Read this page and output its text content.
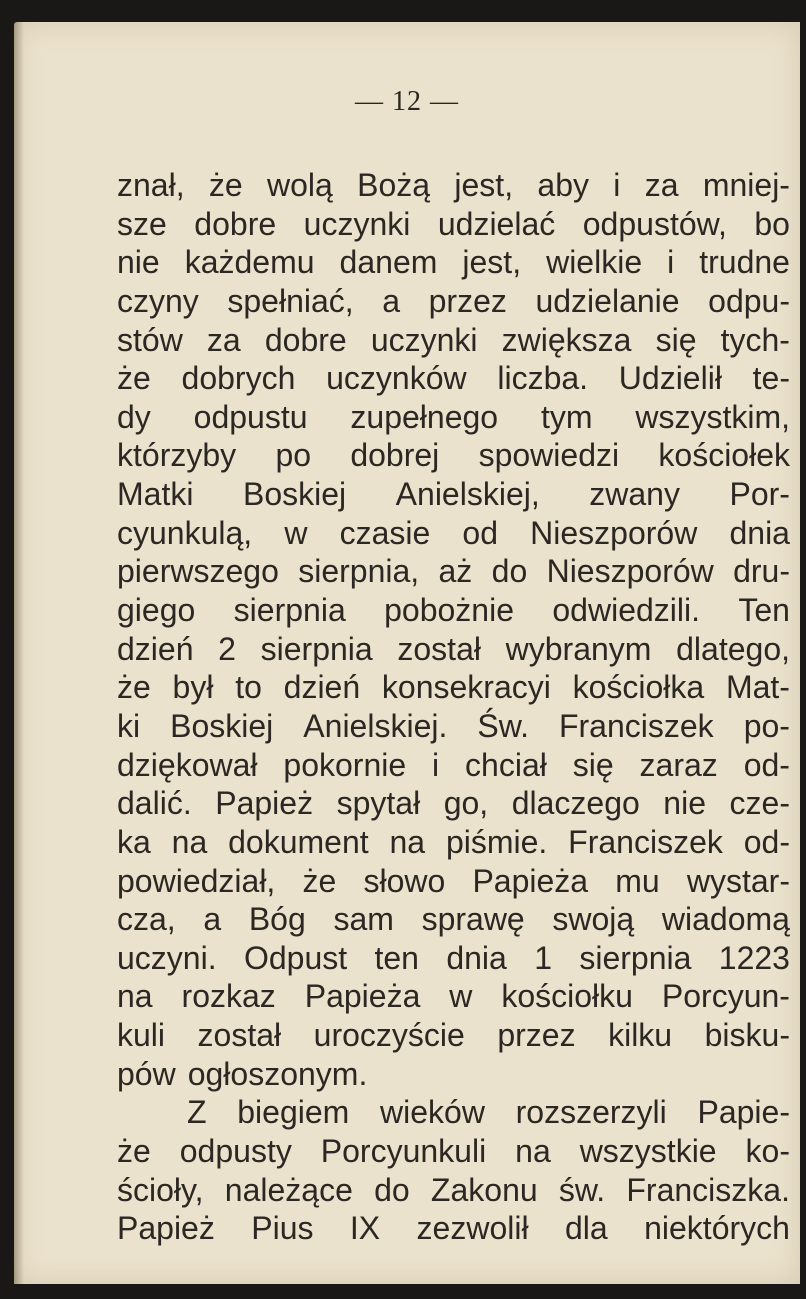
— 12 —
znał, że wolą Bożą jest, aby i za mniej-
sze dobre uczynki udzielać odpustów, bo
nie każdemu danem jest, wielkie i trudne
czyny spełniać, a przez udzielanie odpu-
stów za dobre uczynki zwiększa się tych-
że dobrych uczynków liczba. Udzielił te-
dy odpustu zupełnego tym wszystkim,
którzyby po dobrej spowiedzi kościołek
Matki Boskiej Anielskiej, zwany Por-
cyunkulą, w czasie od Nieszporów dnia
pierwszego sierpnia, aż do Nieszporów dru-
giego sierpnia pobożnie odwiedzili. Ten
dzień 2 sierpnia został wybranym dlatego,
że był to dzień konsekracyi kościołka Mat-
ki Boskiej Anielskiej. Św. Franciszek po-
dziękował pokornie i chciał się zaraz od-
dalić. Papież spytał go, dlaczego nie cze-
ka na dokument na piśmie. Franciszek od-
powiedział, że słowo Papieża mu wystar-
cza, a Bóg sam sprawę swoją wiadomą
uczyni. Odpust ten dnia 1 sierpnia 1223
na rozkaz Papieża w kościołku Porcyun-
kuli został uroczyście przez kilku bisku-
pów ogłoszonym.
Z biegiem wieków rozszerzyli Papie-
że odpusty Porcyunkuli na wszystkie ko-
ścioły, należące do Zakonu św. Franciszka.
Papież Pius IX zezwolił dla niektórych
